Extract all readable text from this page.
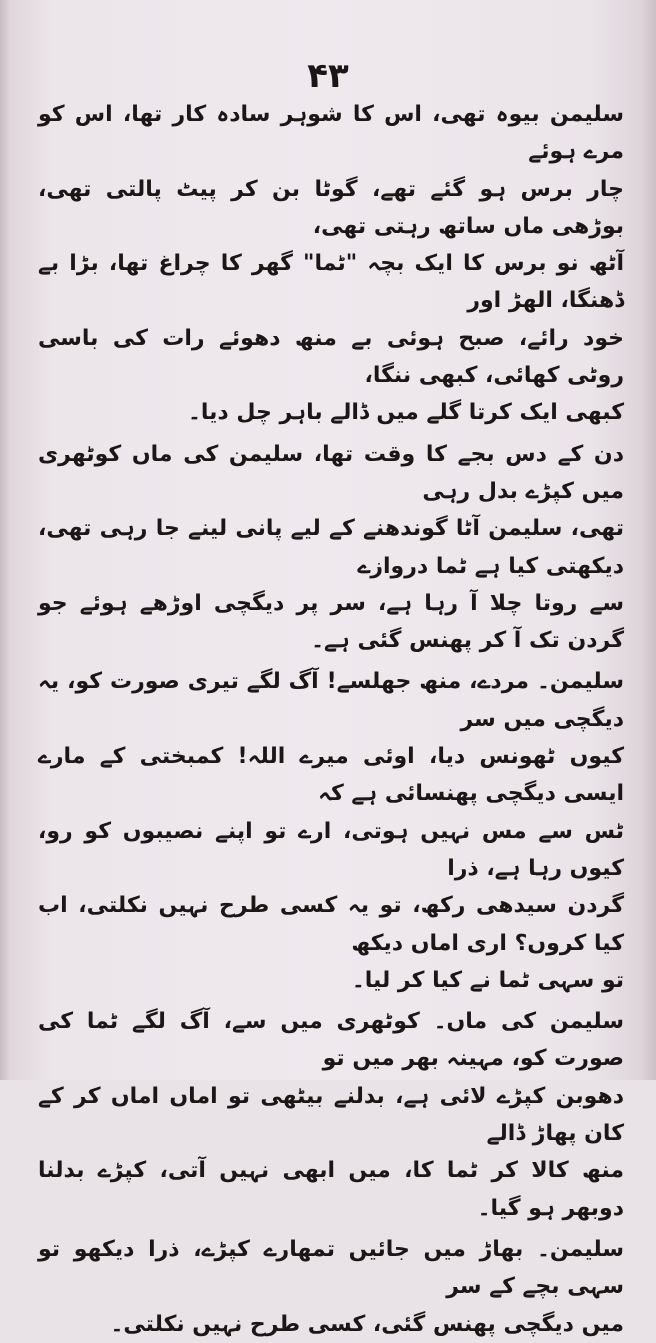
۴۳

سلیمن بیوہ تھی، اس کا شوہر سادہ کار تھا، اس کو مرے ہوئے
چار برس ہو گئے تھے، گوٹا بن کر پیٹ پالتی تھی، بوڑھی ماں ساتھ رہتی تھی،
آٹھ نو برس کا ایک بچہ "ٹما" گھر کا چراغ تھا، بڑا بے ڈھنگا، الھڑ اور
خود رائے، صبح ہوئی بے منھ دھوئے رات کی باسی روٹی کھائی، کبھی ننگا،
کبھی ایک کرتا گلے میں ڈالے باہر چل دیا۔

دن کے دس بجے کا وقت تھا، سلیمن کی ماں کوٹھری میں کپڑے بدل رہی
تھی، سلیمن آٹا گوندھنے کے لیے پانی لینے جا رہی تھی، دیکھتی کیا ہے ٹما دروازے
سے روتا چلا آ رہا ہے، سر پر دیگچی اوڑھے ہوئے جو گردن تک آ کر پھنس گئی ہے۔

سلیمن۔ مردے، منھ جھلسے! آگ لگے تیری صورت کو، یہ دیگچی میں سر
کیوں ٹھونس دیا، اوئی میرے اللہ! کمبختی کے مارے ایسی دیگچی پھنسائی ہے کہ
ٹس سے مس نہیں ہوتی، ارے تو اپنے نصیبوں کو رو، کیوں رہا ہے، ذرا
گردن سیدھی رکھ، تو یہ کسی طرح نہیں نکلتی، اب کیا کروں؟ اری اماں دیکھ
تو سہی ٹما نے کیا کر لیا۔

سلیمن کی ماں۔ کوٹھری میں سے، آگ لگے ٹما کی صورت کو، مہینہ بھر میں تو
دھوبن کپڑے لائی ہے، بدلنے بیٹھی تو اماں اماں کر کے کان پھاڑ ڈالے
منھ کالا کر ٹما کا، میں ابھی نہیں آتی، کپڑے بدلنا دوبھر ہو گیا۔

سلیمن۔ بھاڑ میں جائیں تمھارے کپڑے، ذرا دیکھو تو سہی بچے کے سر
میں دیگچی پھنس گئی، کسی طرح نہیں نکلتی۔
